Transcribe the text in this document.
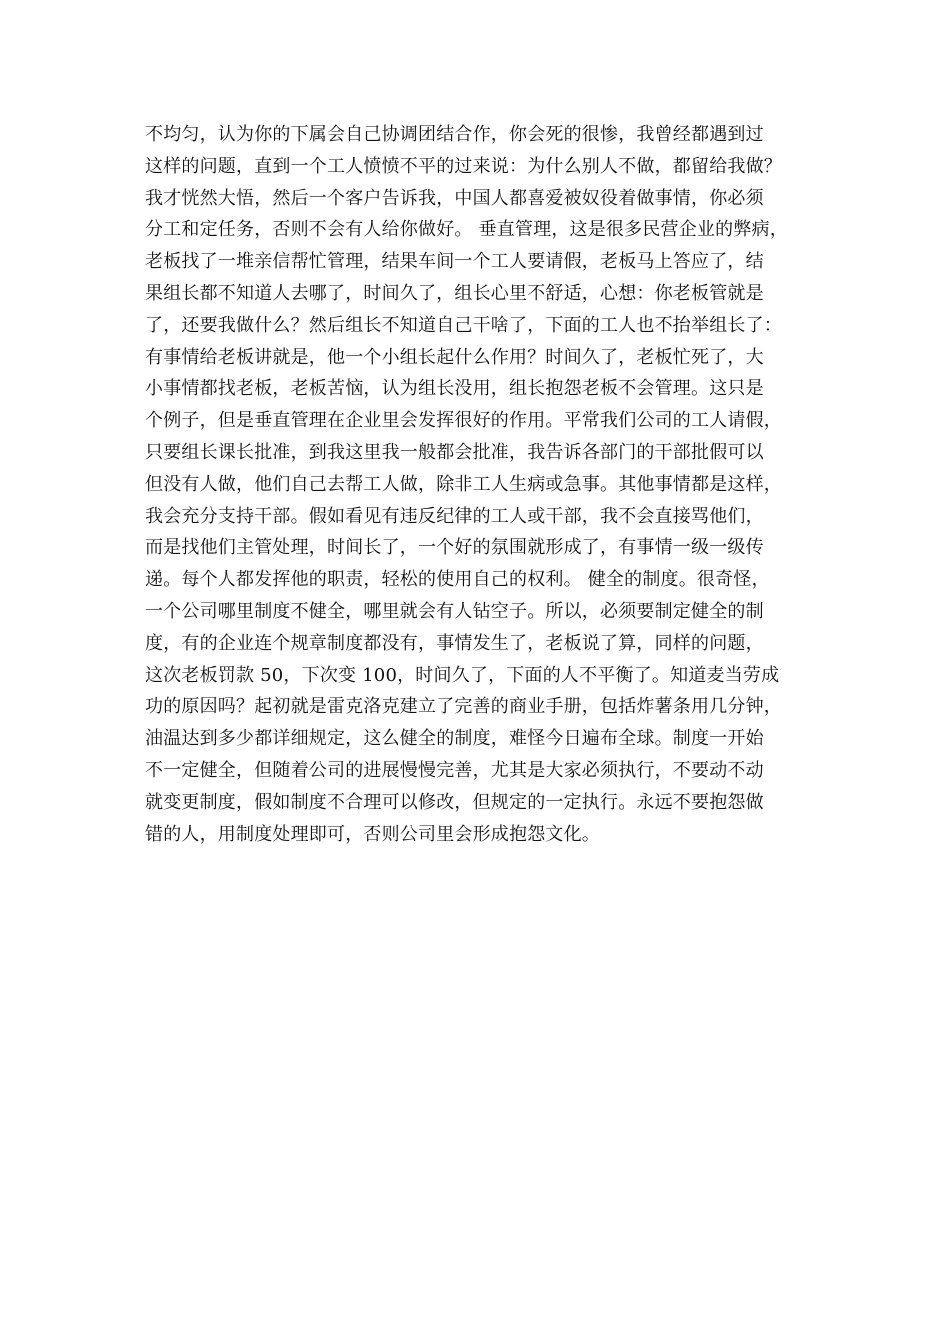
不均匀，认为你的下属会自己协调团结合作，你会死的很惨，我曾经都遇到过
这样的问题，直到一个工人愤愤不平的过来说：为什么别人不做，都留给我做？
我才恍然大悟，然后一个客户告诉我，中国人都喜爱被奴役着做事情，你必须
分工和定任务，否则不会有人给你做好。 垂直管理，这是很多民营企业的弊病，
老板找了一堆亲信帮忙管理，结果车间一个工人要请假，老板马上答应了，结
果组长都不知道人去哪了，时间久了，组长心里不舒适，心想：你老板管就是
了，还要我做什么？然后组长不知道自己干啥了，下面的工人也不抬举组长了：
有事情给老板讲就是，他一个小组长起什么作用？时间久了，老板忙死了，大
小事情都找老板，老板苦恼，认为组长没用，组长抱怨老板不会管理。这只是
个例子，但是垂直管理在企业里会发挥很好的作用。平常我们公司的工人请假，
只要组长课长批准，到我这里我一般都会批准，我告诉各部门的干部批假可以
但没有人做，他们自己去帮工人做，除非工人生病或急事。其他事情都是这样，
我会充分支持干部。假如看见有违反纪律的工人或干部，我不会直接骂他们，
而是找他们主管处理，时间长了，一个好的氛围就形成了，有事情一级一级传
递。每个人都发挥他的职责，轻松的使用自己的权利。 健全的制度。很奇怪，
一个公司哪里制度不健全，哪里就会有人钻空子。所以，必须要制定健全的制
度，有的企业连个规章制度都没有，事情发生了，老板说了算，同样的问题，
这次老板罚款 50，下次变 100，时间久了，下面的人不平衡了。知道麦当劳成
功的原因吗？起初就是雷克洛克建立了完善的商业手册，包括炸薯条用几分钟，
油温达到多少都详细规定，这么健全的制度，难怪今日遍布全球。制度一开始
不一定健全，但随着公司的进展慢慢完善，尤其是大家必须执行，不要动不动
就变更制度，假如制度不合理可以修改，但规定的一定执行。永远不要抱怨做
错的人，用制度处理即可，否则公司里会形成抱怨文化。
